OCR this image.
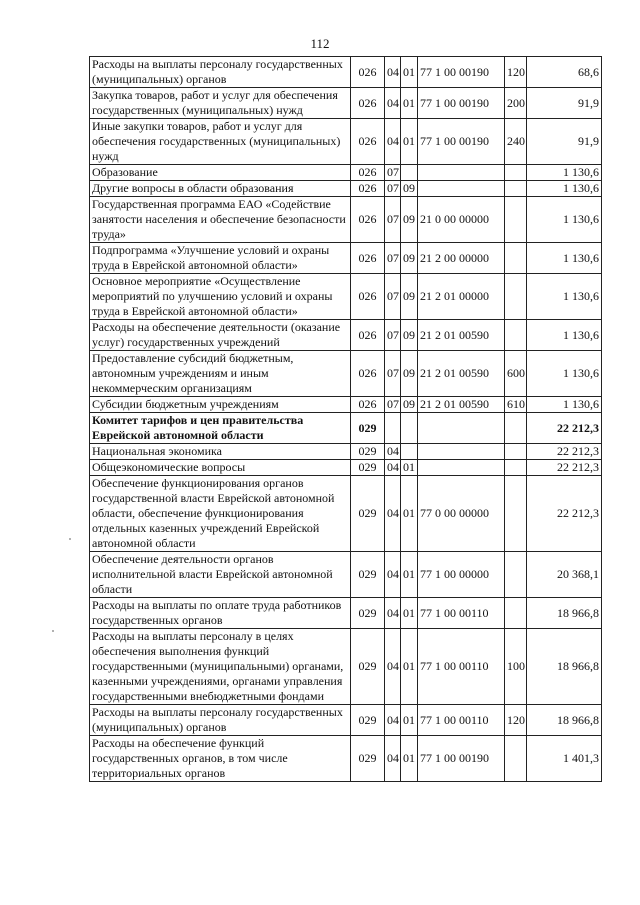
112
Расходы на выплаты персоналу государственных (муниципальных) органов	026	04	01	77 1 00 00190	120	68,6
Закупка товаров, работ и услуг для обеспечения государственных (муниципальных) нужд	026	04	01	77 1 00 00190	200	91,9
Иные закупки товаров, работ и услуг для обеспечения государственных (муниципальных) нужд	026	04	01	77 1 00 00190	240	91,9
Образование	026	07				1 130,6
Другие вопросы в области образования	026	07	09			1 130,6
Государственная программа ЕАО «Содействие занятости населения и обеспечение безопасности труда»	026	07	09	21 0 00 00000		1 130,6
Подпрограмма «Улучшение условий и охраны труда в Еврейской автономной области»	026	07	09	21 2 00 00000		1 130,6
Основное мероприятие «Осуществление мероприятий по улучшению условий и охраны труда в Еврейской автономной области»	026	07	09	21 2 01 00000		1 130,6
Расходы на обеспечение деятельности (оказание услуг) государственных учреждений	026	07	09	21 2 01 00590		1 130,6
Предоставление субсидий бюджетным, автономным учреждениям и иным некоммерческим организациям	026	07	09	21 2 01 00590	600	1 130,6
Субсидии бюджетным учреждениям	026	07	09	21 2 01 00590	610	1 130,6
Комитет тарифов и цен правительства Еврейской автономной области	029					22 212,3
Национальная экономика	029	04				22 212,3
Общеэкономические вопросы	029	04	01			22 212,3
Обеспечение функционирования органов государственной власти Еврейской автономной области, обеспечение функционирования отдельных казенных учреждений Еврейской автономной области	029	04	01	77 0 00 00000		22 212,3
Обеспечение деятельности органов исполнительной власти Еврейской автономной области	029	04	01	77 1 00 00000		20 368,1
Расходы на выплаты по оплате труда работников государственных органов	029	04	01	77 1 00 00110		18 966,8
Расходы на выплаты персоналу в целях обеспечения выполнения функций государственными (муниципальными) органами, казенными учреждениями, органами управления государственными внебюджетными фондами	029	04	01	77 1 00 00110	100	18 966,8
Расходы на выплаты персоналу государственных (муниципальных) органов	029	04	01	77 1 00 00110	120	18 966,8
Расходы на обеспечение функций государственных органов, в том числе территориальных органов	029	04	01	77 1 00 00190		1 401,3
